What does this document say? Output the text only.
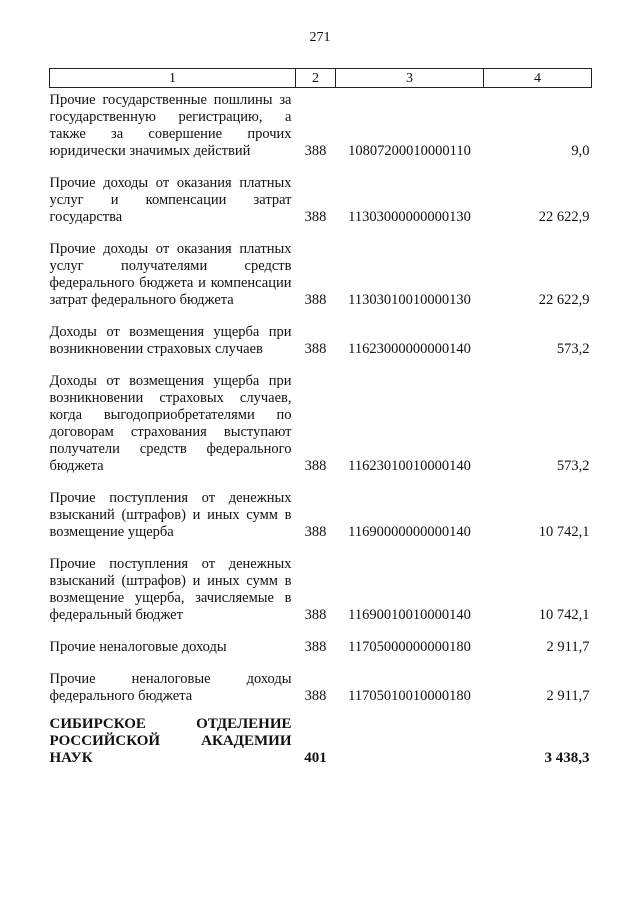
271
1	2	3	4
Прочие государственные пошлины за государственную регистрацию, а также за совершение прочих юридически значимых действий	388	10807200010000110	9,0
Прочие доходы от оказания платных услуг и компенсации затрат государства	388	11303000000000130	22 622,9
Прочие доходы от оказания платных услуг получателями средств федерального бюджета и компенсации затрат федерального бюджета	388	11303010010000130	22 622,9
Доходы от возмещения ущерба при возникновении страховых случаев	388	11623000000000140	573,2
Доходы от возмещения ущерба при возникновении страховых случаев, когда выгодоприобретателями по договорам страхования выступают получатели средств федерального бюджета	388	11623010010000140	573,2
Прочие поступления от денежных взысканий (штрафов) и иных сумм в возмещение ущерба	388	11690000000000140	10 742,1
Прочие поступления от денежных взысканий (штрафов) и иных сумм в возмещение ущерба, зачисляемые в федеральный бюджет	388	11690010010000140	10 742,1
Прочие неналоговые доходы	388	11705000000000180	2 911,7
Прочие неналоговые доходы федерального бюджета	388	11705010010000180	2 911,7
СИБИРСКОЕ ОТДЕЛЕНИЕ РОССИЙСКОЙ АКАДЕМИИ НАУК	401		3 438,3
